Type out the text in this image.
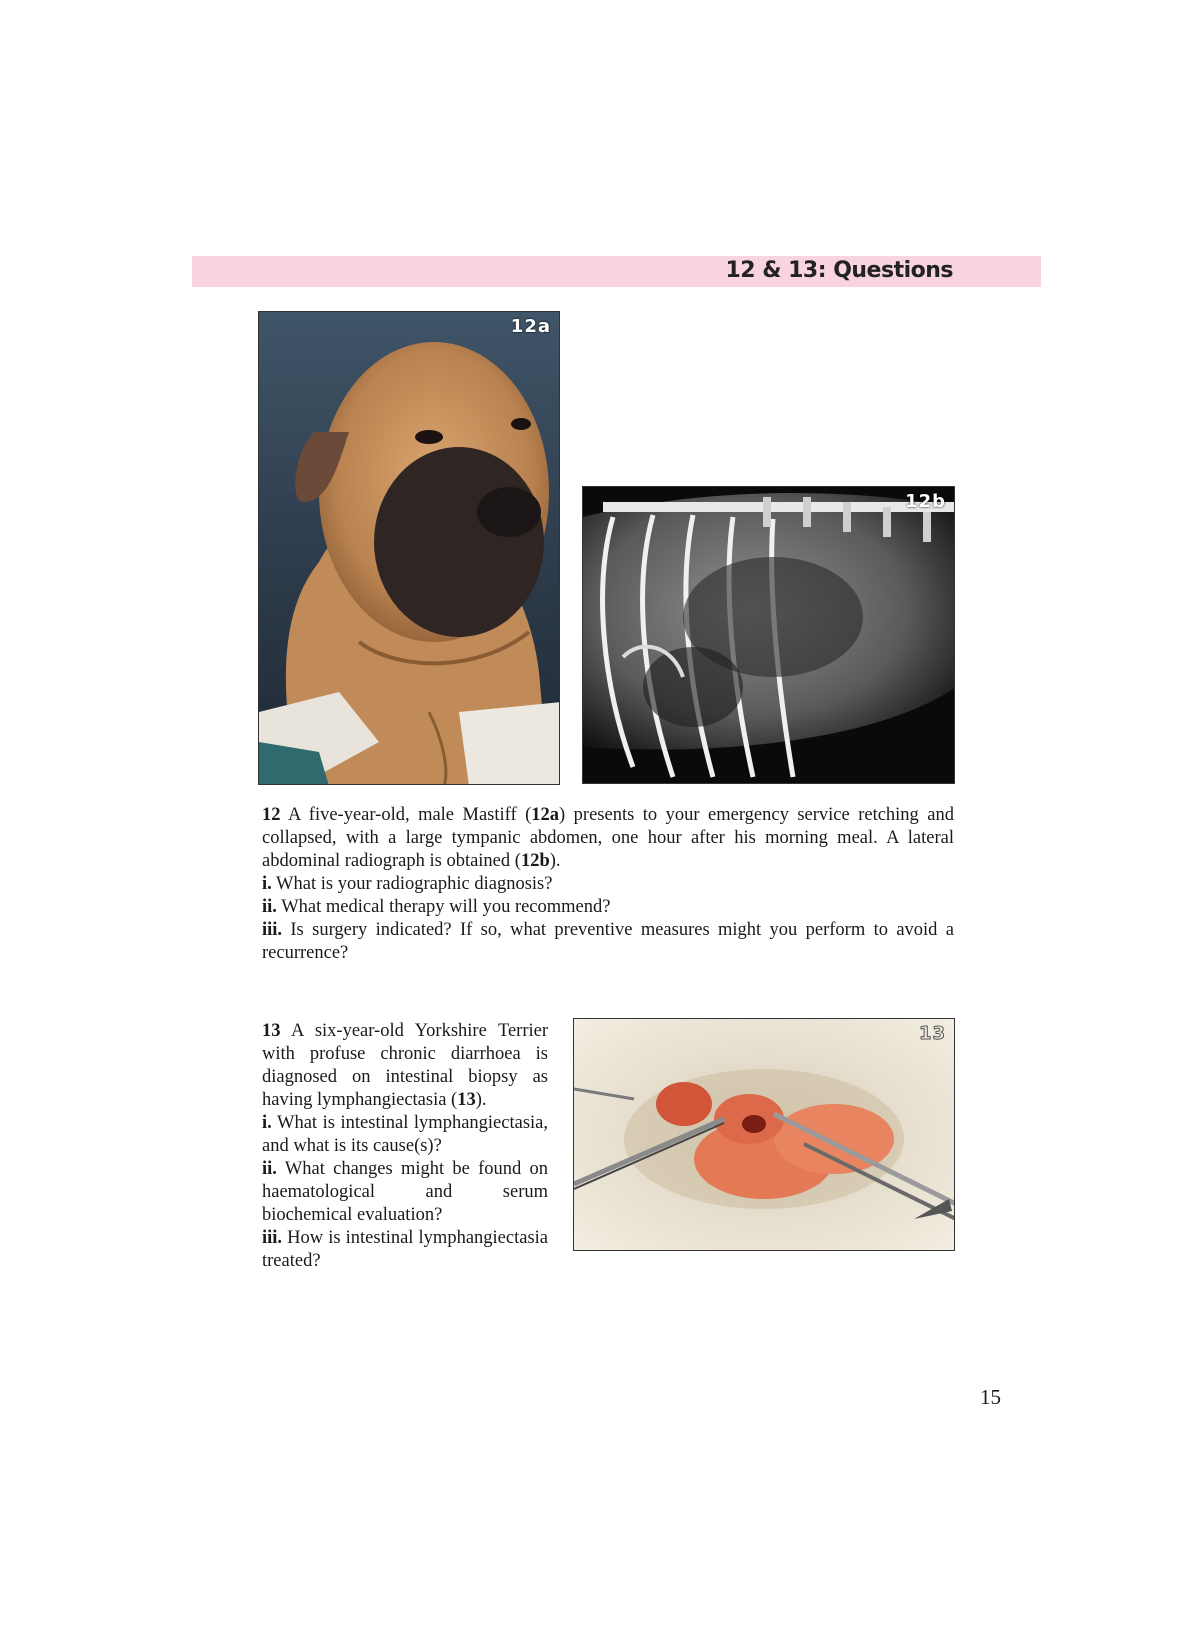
12 & 13: Questions
12a
12b

12 A five-year-old, male Mastiff (12a) presents to your emergency service retching and collapsed, with a large tympanic abdomen, one hour after his morning meal. A lateral abdominal radiograph is obtained (12b).

i. What is your radiographic diagnosis?

ii. What medical therapy will you recommend?

iii. Is surgery indicated? If so, what preventive measures might you perform to avoid a recurrence?

13 A six-year-old Yorkshire Terrier with profuse chronic diarrhoea is diagnosed on intestinal biopsy as having lymphangiectasia (13).

i. What is intestinal lymphangiectasia, and what is its cause(s)?

ii. What changes might be found on haematological and serum biochemical evaluation?

iii. How is intestinal lymphangiectasia treated?

13
15
